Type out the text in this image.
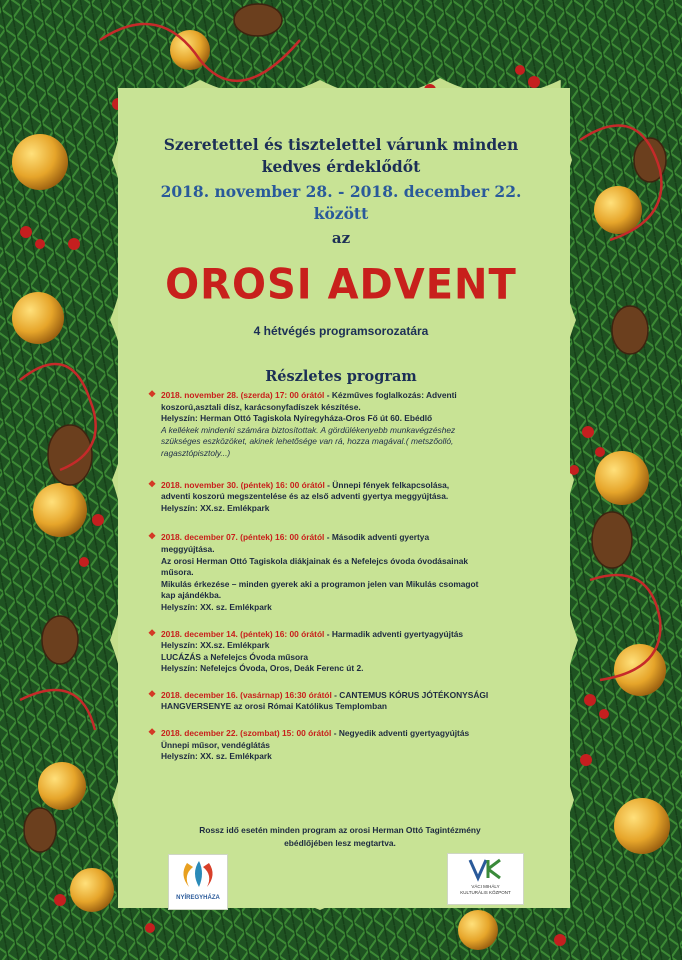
Szeretettel és tisztelettel várunk minden
kedves érdeklődőt
2018. november 28. - 2018. december 22.
között
az
OROSI ADVENT
4 hétvégés programsorozatára
Részletes program
❖ 2018. november 28. (szerda) 17: 00 órától - Kézműves foglalkozás: Adventi
koszorú,asztali dísz, karácsonyfadíszek készítése.
Helyszín: Herman Ottó Tagiskola Nyíregyháza-Oros Fő út 60. Ebédlő
A kellékek mindenki számára biztosítottak. A gördülékenyebb munkavégzéshez
szükséges eszközöket, akinek lehetősége van rá, hozza magával.( metszőolló,
ragasztópisztoly...)
❖ 2018. november 30. (péntek) 16: 00 órától - Ünnepi fények felkapcsolása,
adventi koszorú megszentelése és az első adventi gyertya meggyújtása.
Helyszín: XX.sz. Emlékpark
❖ 2018. december 07. (péntek) 16: 00 órától - Második adventi gyertya
meggyújtása.
Az orosi Herman Ottó Tagiskola diákjainak és a Nefelejcs óvoda óvodásainak
műsora.
Mikulás érkezése – minden gyerek aki a programon jelen van Mikulás csomagot
kap ajándékba.
Helyszín: XX. sz. Emlékpark
❖ 2018. december 14. (péntek) 16: 00 órától - Harmadik adventi gyertyagyújtás
Helyszín: XX.sz. Emlékpark
LUCÁZÁS a Nefelejcs Óvoda műsora
Helyszín: Nefelejcs Óvoda, Oros, Deák Ferenc út 2.
❖ 2018. december 16. (vasárnap) 16:30 órától - CANTEMUS KÓRUS JÓTÉKONYSÁGI
HANGVERSENYE az orosi Római Katólikus Templomban
❖ 2018. december 22. (szombat) 15: 00 órától - Negyedik adventi gyertyagyújtás
Ünnepi műsor, vendéglátás
Helyszín: XX. sz. Emlékpark
Rossz idő esetén minden program az orosi Herman Ottó Tagintézmény
ebédlőjében lesz megtartva.
NYÍREGYHÁZA
VÁCI MIHÁLY
KULTURÁLIS KÖZPONT
